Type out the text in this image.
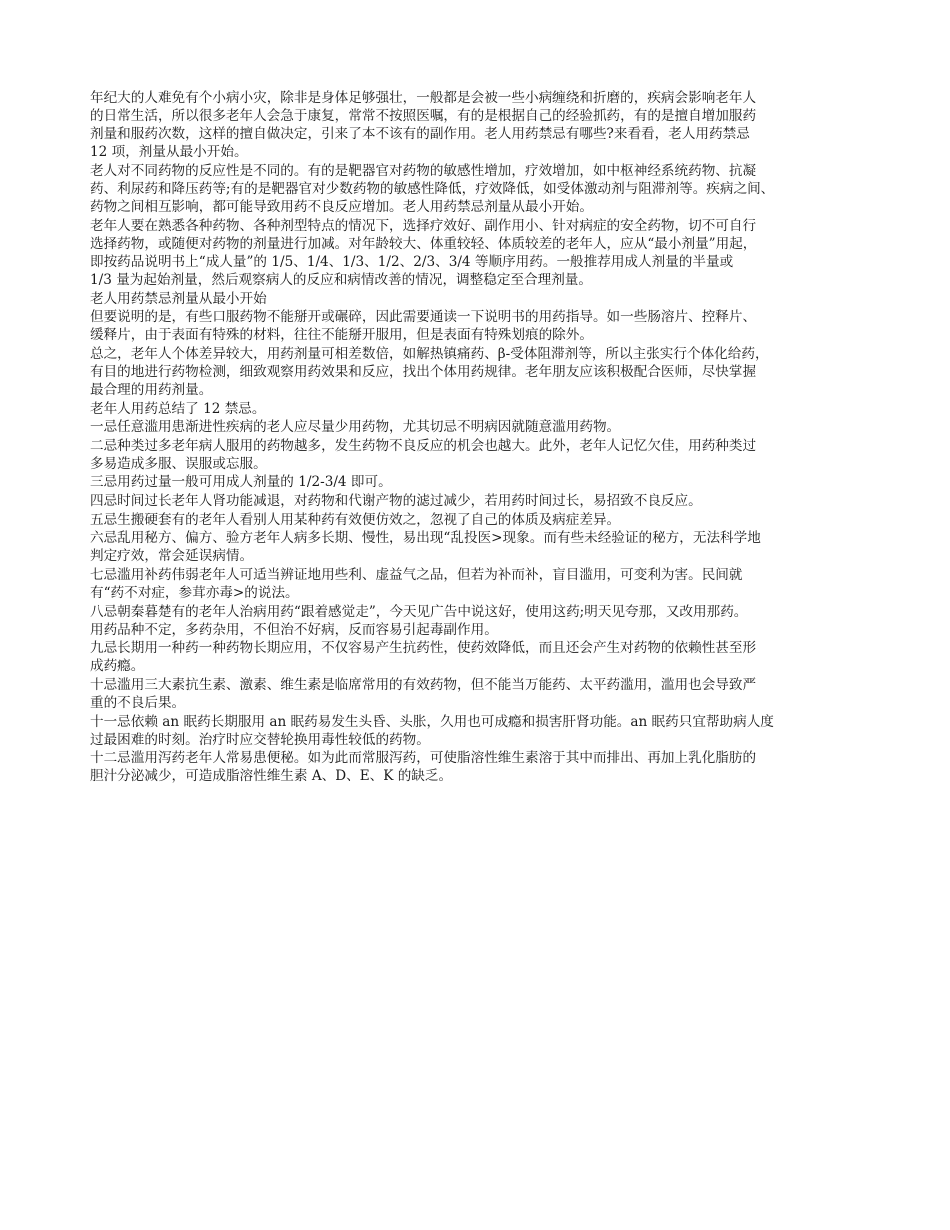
年纪大的人难免有个小病小灾，除非是身体足够强壮，一般都是会被一些小病缠绕和折磨的，疾病会影响老年人
的日常生活，所以很多老年人会急于康复，常常不按照医嘱，有的是根据自己的经验抓药，有的是擅自增加服药
剂量和服药次数，这样的擅自做决定，引来了本不该有的副作用。老人用药禁忌有哪些?来看看，老人用药禁忌
12 项，剂量从最小开始。
老人对不同药物的反应性是不同的。有的是靶器官对药物的敏感性增加，疗效增加，如中枢神经系统药物、抗凝
药、利尿药和降压药等;有的是靶器官对少数药物的敏感性降低，疗效降低，如受体激动剂与阻滞剂等。疾病之间、
药物之间相互影响，都可能导致用药不良反应增加。老人用药禁忌剂量从最小开始。
老年人要在熟悉各种药物、各种剂型特点的情况下，选择疗效好、副作用小、针对病症的安全药物，切不可自行
选择药物，或随便对药物的剂量进行加减。对年龄较大、体重较轻、体质较差的老年人，应从“最小剂量”用起，
即按药品说明书上“成人量”的 1/5、1/4、1/3、1/2、2/3、3/4 等顺序用药。一般推荐用成人剂量的半量或
1/3 量为起始剂量，然后观察病人的反应和病情改善的情况，调整稳定至合理剂量。
老人用药禁忌剂量从最小开始
但要说明的是，有些口服药物不能掰开或碾碎，因此需要通读一下说明书的用药指导。如一些肠溶片、控释片、
缓释片，由于表面有特殊的材料，往往不能掰开服用，但是表面有特殊划痕的除外。
总之，老年人个体差异较大，用药剂量可相差数倍，如解热镇痛药、β-受体阻滞剂等，所以主张实行个体化给药，
有目的地进行药物检测，细致观察用药效果和反应，找出个体用药规律。老年朋友应该积极配合医师，尽快掌握
最合理的用药剂量。
老年人用药总结了 12 禁忌。
一忌任意滥用患渐进性疾病的老人应尽量少用药物，尤其切忌不明病因就随意滥用药物。
二忌种类过多老年病人服用的药物越多，发生药物不良反应的机会也越大。此外，老年人记忆欠佳，用药种类过
多易造成多服、误服或忘服。
三忌用药过量一般可用成人剂量的 1/2-3/4 即可。
四忌时间过长老年人肾功能减退，对药物和代谢产物的滤过减少，若用药时间过长，易招致不良反应。
五忌生搬硬套有的老年人看别人用某种药有效便仿效之，忽视了自己的体质及病症差异。
六忌乱用秘方、偏方、验方老年人病多长期、慢性，易出现“乱投医>现象。而有些未经验证的秘方，无法科学地
判定疗效，常会延误病情。
七忌滥用补药伟弱老年人可适当辨证地用些利、虚益气之品，但若为补而补，盲目滥用，可变利为害。民间就
有“药不对症，参茸亦毒>的说法。
八忌朝秦暮楚有的老年人治病用药“跟着感觉走”，今天见广告中说这好，使用这药;明天见夸那，又改用那药。
用药品种不定，多药杂用，不但治不好病，反而容易引起毒副作用。
九忌长期用一种药一种药物长期应用，不仅容易产生抗药性，使药效降低，而且还会产生对药物的依赖性甚至形
成药瘾。
十忌滥用三大素抗生素、激素、维生素是临席常用的有效药物，但不能当万能药、太平药滥用，滥用也会导致严
重的不良后果。
十一忌依赖 an 眠药长期服用 an 眠药易发生头昏、头胀，久用也可成瘾和损害肝肾功能。an 眠药只宜帮助病人度
过最困难的时刻。治疗时应交替轮换用毒性较低的药物。
十二忌滥用泻药老年人常易患便秘。如为此而常服泻药，可使脂溶性维生素溶于其中而排出、再加上乳化脂肪的
胆汁分泌减少，可造成脂溶性维生素 A、D、E、K 的缺乏。
